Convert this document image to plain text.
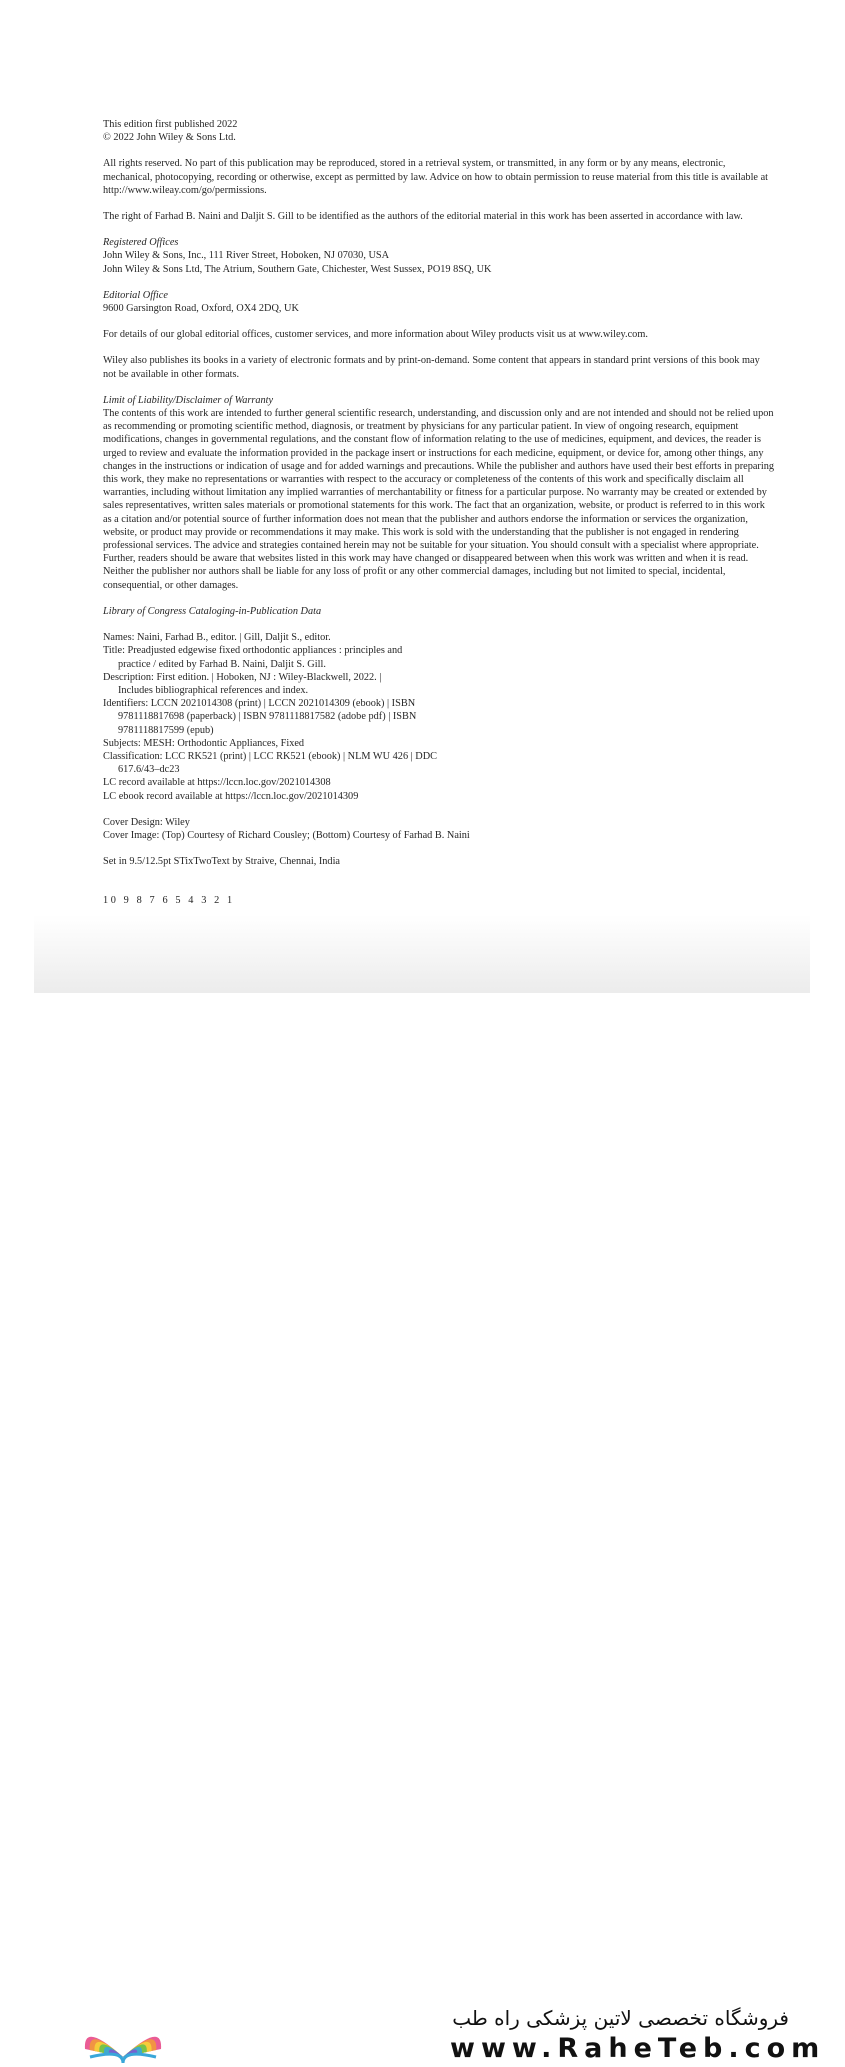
This edition first published 2022

© 2022 John Wiley & Sons Ltd.

All rights reserved. No part of this publication may be reproduced, stored in a retrieval system, or transmitted, in any form or by any means, electronic, mechanical, photocopying, recording or otherwise, except as permitted by law. Advice on how to obtain permission to reuse material from this title is available at http://www.wileay.com/go/permissions.

The right of Farhad B. Naini and Daljit S. Gill to be identified as the authors of the editorial material in this work has been asserted in accordance with law.

Registered Offices

John Wiley & Sons, Inc., 111 River Street, Hoboken, NJ 07030, USA

John Wiley & Sons Ltd, The Atrium, Southern Gate, Chichester, West Sussex, PO19 8SQ, UK

Editorial Office

9600 Garsington Road, Oxford, OX4 2DQ, UK

For details of our global editorial offices, customer services, and more information about Wiley products visit us at www.wiley.com.

Wiley also publishes its books in a variety of electronic formats and by print-on-demand. Some content that appears in standard print versions of this book may not be available in other formats.

Limit of Liability/Disclaimer of Warranty

The contents of this work are intended to further general scientific research, understanding, and discussion only and are not intended and should not be relied upon as recommending or promoting scientific method, diagnosis, or treatment by physicians for any particular patient. In view of ongoing research, equipment modifications, changes in governmental regulations, and the constant flow of information relating to the use of medicines, equipment, and devices, the reader is urged to review and evaluate the information provided in the package insert or instructions for each medicine, equipment, or device for, among other things, any changes in the instructions or indication of usage and for added warnings and precautions. While the publisher and authors have used their best efforts in preparing this work, they make no representations or warranties with respect to the accuracy or completeness of the contents of this work and specifically disclaim all warranties, including without limitation any implied warranties of merchantability or fitness for a particular purpose. No warranty may be created or extended by sales representatives, written sales materials or promotional statements for this work. The fact that an organization, website, or product is referred to in this work as a citation and/or potential source of further information does not mean that the publisher and authors endorse the information or services the organization, website, or product may provide or recommendations it may make. This work is sold with the understanding that the publisher is not engaged in rendering professional services. The advice and strategies contained herein may not be suitable for your situation. You should consult with a specialist where appropriate. Further, readers should be aware that websites listed in this work may have changed or disappeared between when this work was written and when it is read. Neither the publisher nor authors shall be liable for any loss of profit or any other commercial damages, including but not limited to special, incidental, consequential, or other damages.

Library of Congress Cataloging-in-Publication Data

Names: Naini, Farhad B., editor. | Gill, Daljit S., editor.

Title: Preadjusted edgewise fixed orthodontic appliances : principles and

practice / edited by Farhad B. Naini, Daljit S. Gill.

Description: First edition. | Hoboken, NJ : Wiley-Blackwell, 2022. |

Includes bibliographical references and index.

Identifiers: LCCN 2021014308 (print) | LCCN 2021014309 (ebook) | ISBN

9781118817698 (paperback) | ISBN 9781118817582 (adobe pdf) | ISBN

9781118817599 (epub)

Subjects: MESH: Orthodontic Appliances, Fixed

Classification: LCC RK521 (print) | LCC RK521 (ebook) | NLM WU 426 | DDC

617.6/43–dc23

LC record available at https://lccn.loc.gov/2021014308

LC ebook record available at https://lccn.loc.gov/2021014309

Cover Design: Wiley

Cover Image: (Top) Courtesy of Richard Cousley; (Bottom) Courtesy of Farhad B. Naini

Set in 9.5/12.5pt STixTwoText by Straive, Chennai, India

10 9 8 7 6 5 4 3 2 1

فروشگاه تخصصی لاتین پزشکی راه طب
www.RaheTeb.com
